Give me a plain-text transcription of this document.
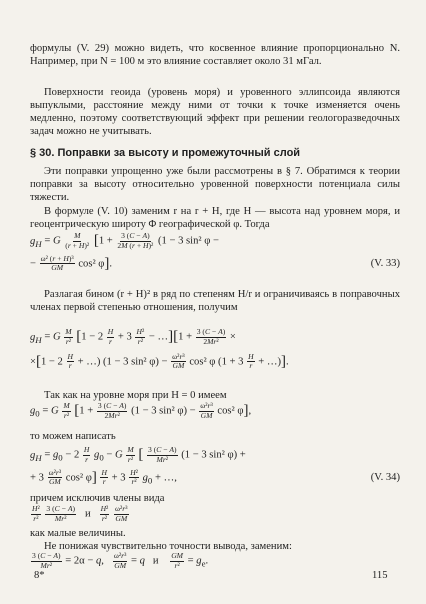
формулы (V. 29) можно видеть, что косвенное влияние пропорционально N. Например, при N = 100 м это влияние составляет около 31 мГал.

Поверхности геоида (уровень моря) и уровенного эллипсоида являются выпуклыми, расстояние между ними от точки к точке изменяется очень медленно, поэтому соответствующий эффект при решении геологоразведочных задач можно не учитывать.

§ 30. Поправки за высоту и промежуточный слой

Эти поправки упрощенно уже были рассмотрены в § 7. Обратимся к теории поправки за высоту относительно уровенной поверхности потенциала силы тяжести.

В формуле (V. 10) заменим r на r + H, где H — высота над уровнем моря, и геоцентрическую широту Φ географической φ. Тогда

$g_H = G \frac{M}{\text{(r + H)²}} [1 + \frac{3 (C - A)}{\text{2M (r + H)²}} (1 - 3$ sin² φ −
− $\frac{\text{ω² (r + H)³}}{GM} \cos^2$ φ].	(V. 33)

Разлагая бином (r + H)² в ряд по степеням H/r и ограничиваясь в поправочных членах первой степенью отношения, получим

$g_H = G \frac{M}{\text{r²}} [1 - 2 \frac{H}{r} + 3 \frac{\text{H²}}{\text{r²}}$ − …][1 + $\frac{3 (C - A)}{\text{2Mr²}}$ ×
$\times[1 - 2 \frac{H}{r}$ + …) (1 − 3 sin² $\varphi) - \frac{\text{ω²r³}}{GM} \cos^2$ φ ($1 + 3 \frac{H}{r}$ + …)].

Так как на уровне моря при H = 0 имеем

$g_0 = G \frac{M}{\text{r²}} [1 + \frac{3 (C - A)}{\text{2Mr²}} (1 - 3$ sin² $\varphi) - \frac{\text{ω²r³}}{GM} \cos^2$ φ],

то можем написать

$g_H = g_0 - 2 \frac{H}{r} g_0 - G \frac{M}{\text{r²}}$ [ $\frac{3 (C - A)}{\text{Mr²}} (1 - 3$ sin² φ) +
+ $3 \frac{\text{ω²r³}}{GM} \cos^2$ $\varphi] \frac{H}{r} + 3 \frac{\text{H²}}{\text{r²}} g_0$ + …,	(V. 34)

причем исключив члены вида

$\frac{\text{H²}}{\text{r²}}$
$\frac{3 (C - A)}{\text{Mr²}}$ и $\frac{\text{H²}}{\text{r²}}$
$\frac{\text{ω²r³}}{GM}$

как малые величины.

Не понижая чувствительно точности вывода, заменим:

$\frac{3 (C - A)}{\text{Mr²}} = 2\alpha - q$, $\frac{\text{ω²r³}}{GM} = q$   и $\frac{GM}{\text{r²}} = g_e$.
8*	115
